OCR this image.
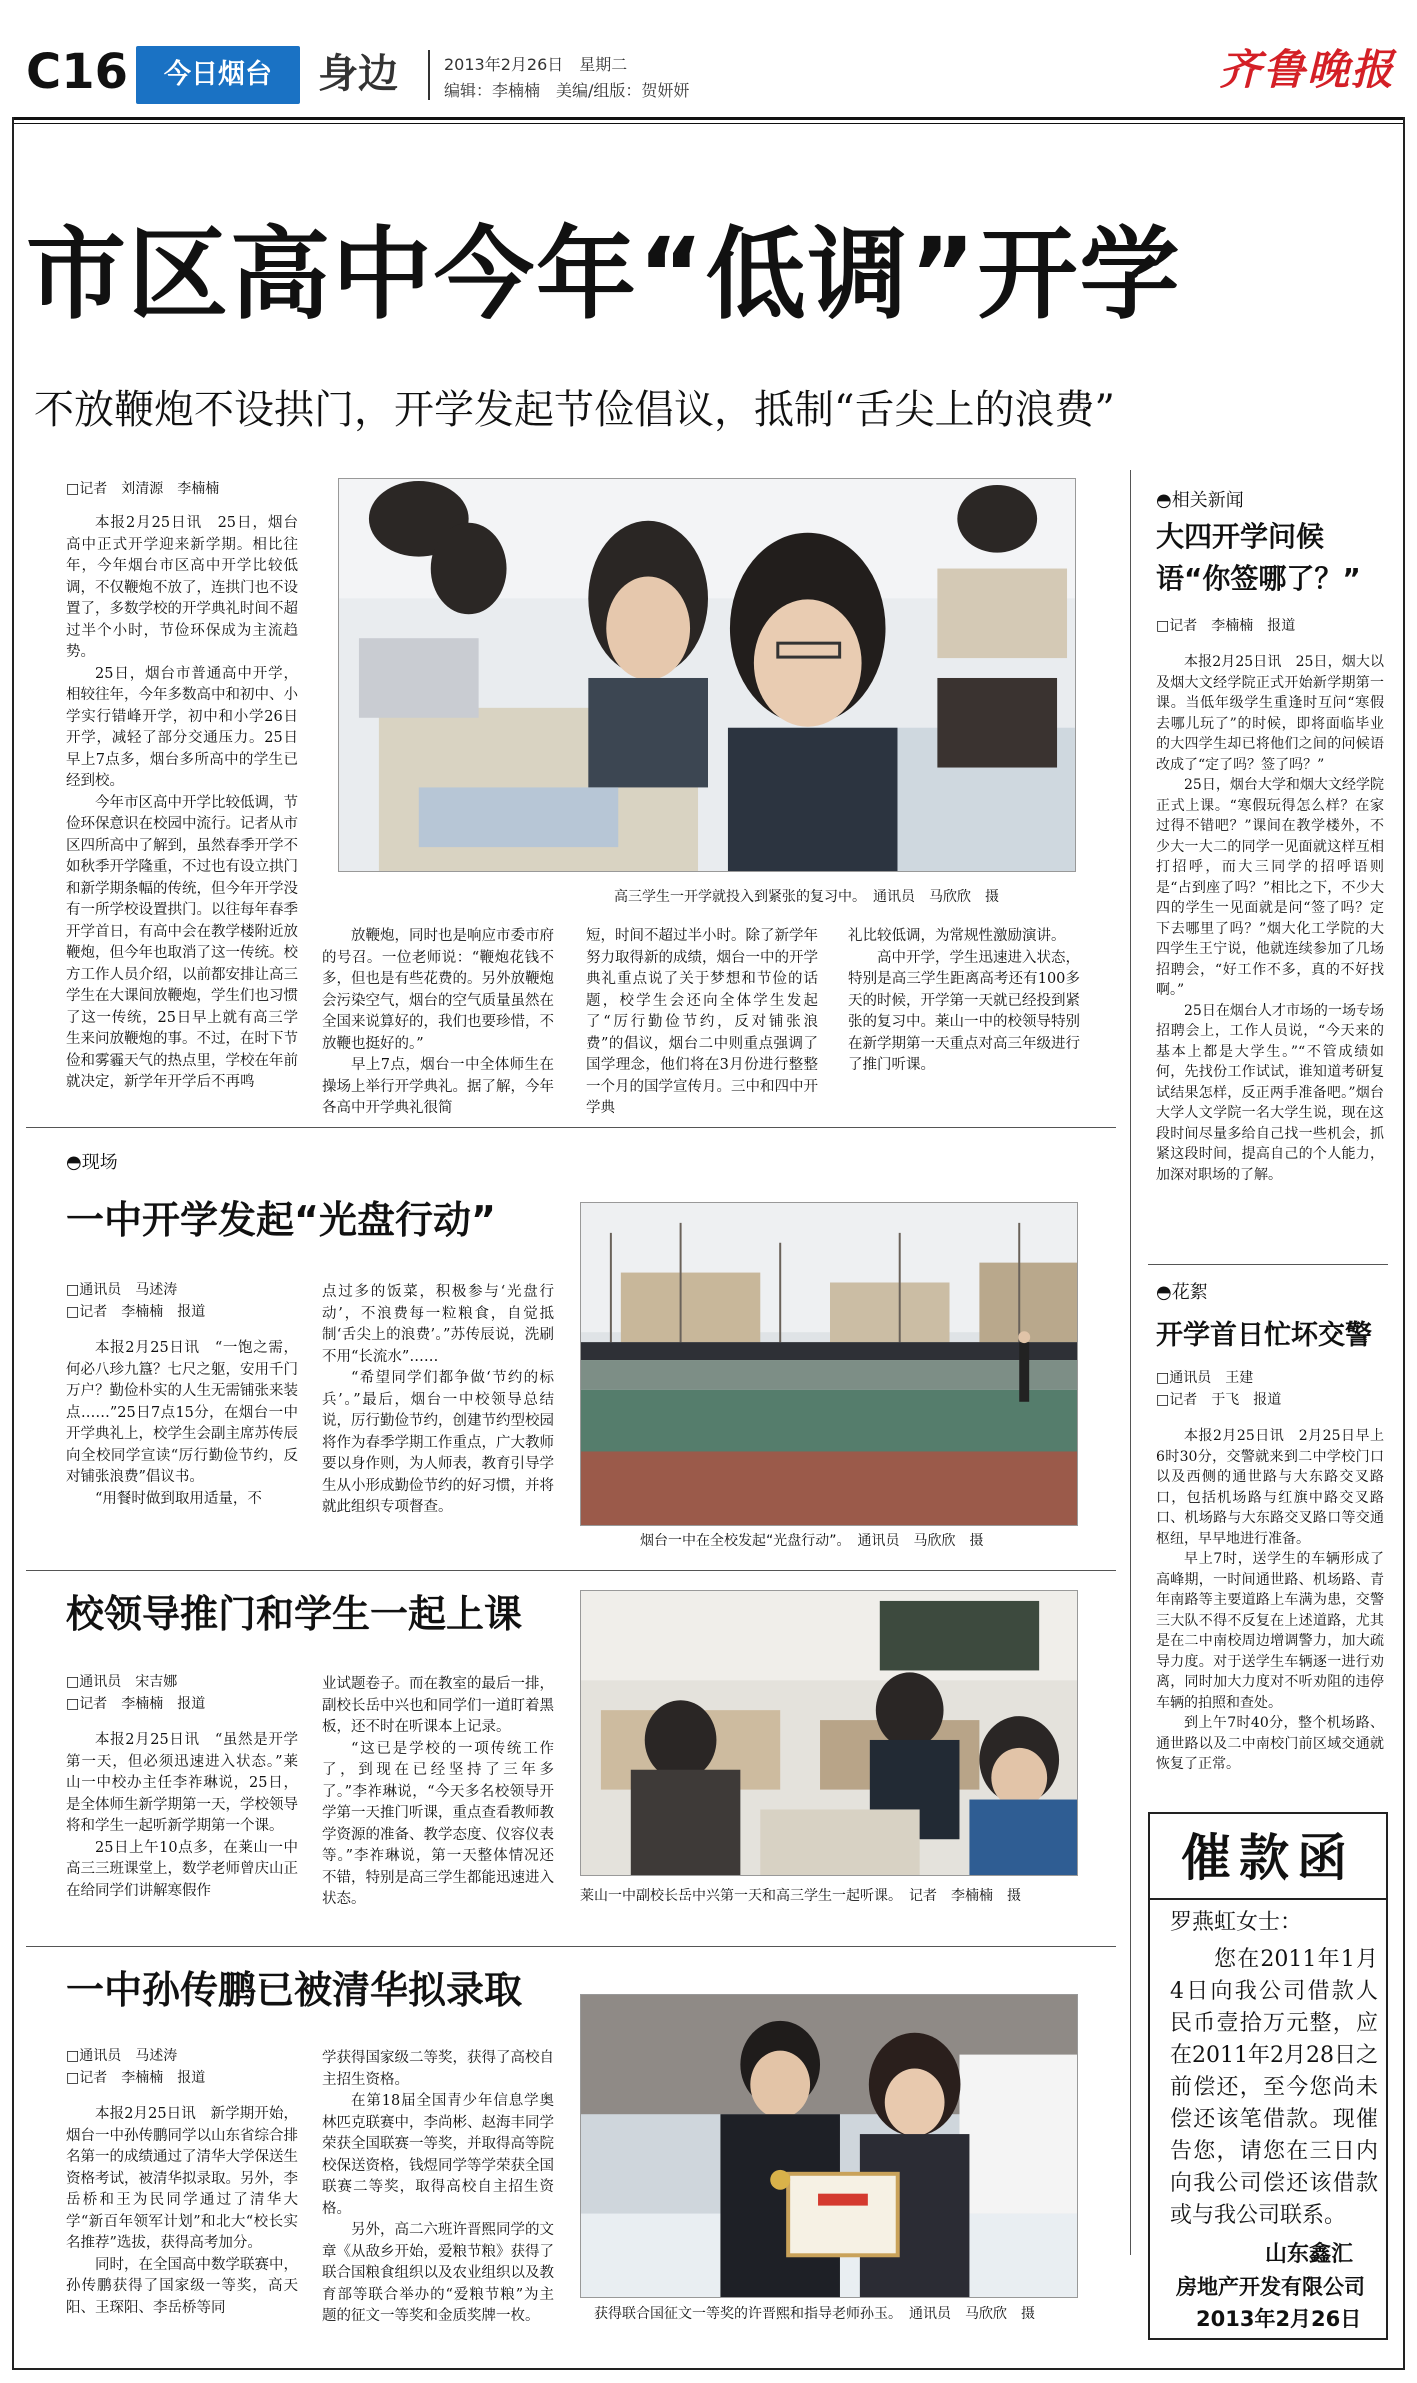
C16	今日烟台	身边	2013年2月26日　星期二
编辑：李楠楠　美编/组版：贺妍妍	齐鲁晚报
市区高中今年“低调”开学
不放鞭炮不设拱门，开学发起节俭倡议，抵制“舌尖上的浪费”
□记者　刘清源　李楠楠

本报2月25日讯　25日，烟台高中正式开学迎来新学期。相比往年，今年烟台市区高中开学比较低调，不仅鞭炮不放了，连拱门也不设置了，多数学校的开学典礼时间不超过半个小时，节俭环保成为主流趋势。

25日，烟台市普通高中开学，相较往年，今年多数高中和初中、小学实行错峰开学，初中和小学26日开学，减轻了部分交通压力。25日早上7点多，烟台多所高中的学生已经到校。

今年市区高中开学比较低调，节俭环保意识在校园中流行。记者从市区四所高中了解到，虽然春季开学不如秋季开学隆重，不过也有设立拱门和新学期条幅的传统，但今年开学没有一所学校设置拱门。以往每年春季开学首日，有高中会在教学楼附近放鞭炮，但今年也取消了这一传统。校方工作人员介绍，以前都安排让高三学生在大课间放鞭炮，学生们也习惯了这一传统，25日早上就有高三学生来问放鞭炮的事。不过，在时下节俭和雾霾天气的热点里，学校在年前就决定，新学年开学后不再鸣

高三学生一开学就投入到紧张的复习中。　通讯员　马欣欣　摄

放鞭炮，同时也是响应市委市府的号召。一位老师说：“鞭炮花钱不多，但也是有些花费的。另外放鞭炮会污染空气，烟台的空气质量虽然在全国来说算好的，我们也要珍惜，不放鞭也挺好的。”

早上7点，烟台一中全体师生在操场上举行开学典礼。据了解，今年各高中开学典礼很简

短，时间不超过半小时。除了新学年努力取得新的成绩，烟台一中的开学典礼重点说了关于梦想和节俭的话题，校学生会还向全体学生发起了“厉行勤俭节约，反对铺张浪费”的倡议，烟台二中则重点强调了国学理念，他们将在3月份进行整整一个月的国学宣传月。三中和四中开学典

礼比较低调，为常规性激励演讲。

高中开学，学生迅速进入状态，特别是高三学生距离高考还有100多天的时候，开学第一天就已经投到紧张的复习中。莱山一中的校领导特别在新学期第一天重点对高三年级进行了推门听课。

◓相关新闻
大四开学问候语“你签哪了？”
□记者　李楠楠　报道

本报2月25日讯　25日，烟大以及烟大文经学院正式开始新学期第一课。当低年级学生重逢时互问“寒假去哪儿玩了”的时候，即将面临毕业的大四学生却已将他们之间的问候语改成了“定了吗？签了吗？”

25日，烟台大学和烟大文经学院正式上课。“寒假玩得怎么样？在家过得不错吧？”课间在教学楼外，不少大一大二的同学一见面就这样互相打招呼，而大三同学的招呼语则是“占到座了吗？”相比之下，不少大四的学生一见面就是问“签了吗？定下去哪里了吗？”烟大化工学院的大四学生王宁说，他就连续参加了几场招聘会，“好工作不多，真的不好找啊。”

25日在烟台人才市场的一场专场招聘会上，工作人员说，“今天来的基本上都是大学生。”“不管成绩如何，先找份工作试试，谁知道考研复试结果怎样，反正两手准备吧。”烟台大学人文学院一名大学生说，现在这段时间尽量多给自己找一些机会，抓紧这段时间，提高自己的个人能力，加深对职场的了解。

◓花絮
开学首日忙坏交警
□通讯员　王建
□记者　于飞　报道

本报2月25日讯　2月25日早上6时30分，交警就来到二中学校门口以及西侧的通世路与大东路交叉路口，包括机场路与红旗中路交叉路口、机场路与大东路交叉路口等交通枢纽，早早地进行准备。

早上7时，送学生的车辆形成了高峰期，一时间通世路、机场路、青年南路等主要道路上车满为患，交警三大队不得不反复在上述道路，尤其是在二中南校周边增调警力，加大疏导力度。对于送学生车辆逐一进行劝离，同时加大力度对不听劝阻的违停车辆的拍照和查处。

到上午7时40分，整个机场路、通世路以及二中南校门前区域交通就恢复了正常。

催款函
罗燕虹女士：
您在2011年1月4日向我公司借款人民币壹拾万元整，应在2011年2月28日之前偿还，至今您尚未偿还该笔借款。现催告您，请您在三日内向我公司偿还该借款或与我公司联系。
山东鑫汇
房地产开发有限公司
2013年2月26日
◓现场
一中开学发起“光盘行动”
□通讯员　马述涛
□记者　李楠楠　报道

本报2月25日讯　“一饱之需，何必八珍九簋？七尺之躯，安用千门万户？勤俭朴实的人生无需铺张来装点……”25日7点15分，在烟台一中开学典礼上，校学生会副主席苏传辰向全校同学宣读“厉行勤俭节约，反对铺张浪费”倡议书。

“用餐时做到取用适量，不

点过多的饭菜，积极参与‘光盘行动’，不浪费每一粒粮食，自觉抵制‘舌尖上的浪费’。”苏传辰说，洗刷不用“长流水”……

“希望同学们都争做‘节约的标兵’。”最后，烟台一中校领导总结说，厉行勤俭节约，创建节约型校园将作为春季学期工作重点，广大教师要以身作则，为人师表，教育引导学生从小形成勤俭节约的好习惯，并将就此组织专项督查。

烟台一中在全校发起“光盘行动”。　通讯员　马欣欣　摄
校领导推门和学生一起上课
□通讯员　宋吉娜
□记者　李楠楠　报道

本报2月25日讯　“虽然是开学第一天，但必须迅速进入状态。”莱山一中校办主任李祚琳说，25日，是全体师生新学期第一天，学校领导将和学生一起听新学期第一个课。

25日上午10点多，在莱山一中高三三班课堂上，数学老师曾庆山正在给同学们讲解寒假作

业试题卷子。而在教室的最后一排，副校长岳中兴也和同学们一道盯着黑板，还不时在听课本上记录。

“这已是学校的一项传统工作了，到现在已经坚持了三年多了。”李祚琳说，“今天多名校领导开学第一天推门听课，重点查看教师教学资源的准备、教学态度、仪容仪表等。”李祚琳说，第一天整体情况还不错，特别是高三学生都能迅速进入状态。	莱山一中副校长岳中兴第一天和高三学生一起听课。　记者　李楠楠　摄
一中孙传鹏已被清华拟录取
□通讯员　马述涛
□记者　李楠楠　报道

本报2月25日讯　新学期开始，烟台一中孙传鹏同学以山东省综合排名第一的成绩通过了清华大学保送生资格考试，被清华拟录取。另外，李岳桥和王为民同学通过了清华大学“新百年领军计划”和北大“校长实名推荐”选拔，获得高考加分。

同时，在全国高中数学联赛中，孙传鹏获得了国家级一等奖，高天阳、王琛阳、李岳桥等同

学获得国家级二等奖，获得了高校自主招生资格。

在第18届全国青少年信息学奥林匹克联赛中，李尚彬、赵海丰同学荣获全国联赛一等奖，并取得高等院校保送资格，钱煜同学等学荣获全国联赛二等奖，取得高校自主招生资格。

另外，高二六班许晋熙同学的文章《从敌乡开始，爱粮节粮》获得了联合国粮食组织以及农业组织以及教育部等联合举办的“爱粮节粮”为主题的征文一等奖和金质奖牌一枚。	获得联合国征文一等奖的许晋熙和指导老师孙玉。　通讯员　马欣欣　摄
